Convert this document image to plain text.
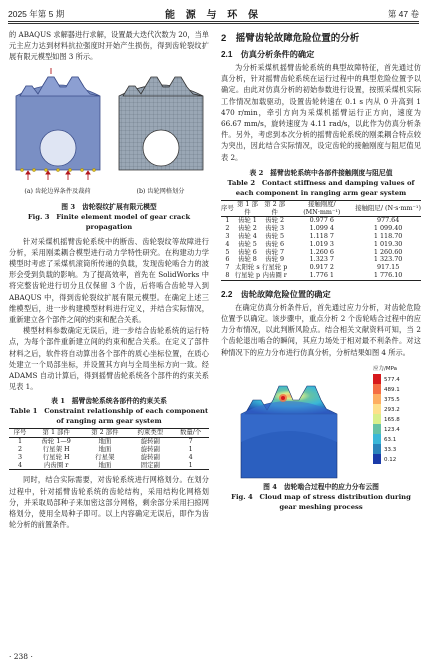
2025 年第 5 期	能 源 与 环 保	第 47 卷

的 ABAQUS 求解器进行求解，设置最大迭代次数为 20，当单元主应力达到材料抗拉强度时开始产生损伤，得到齿轮裂纹扩展有限元模型如图 3 所示。

(a) 齿轮边界条件及裁荷	(b) 齿轮网格划分

图 3　齿轮裂纹扩展有限元模型

Fig. 3　Finite element model of gear crack propagation

针对采煤机摇臂齿轮系统中的断齿、齿轮裂纹等故障进行分析，采用刚柔耦合模型进行动力学特性研究。在构建动力学模型时考虑了采煤机滚筒所传递的负载，发现齿轮啮合力的波形会受到负载的影响。为了提高效率，首先在 SolidWorks 中将完整齿轮进行切分且仅保留 3 个齿，后将啮合齿轮导入到 ABAQUS 中，得到齿轮裂纹扩展有限元模型。在确定上述三维模型后，进一步构建模型材料进行定义，并结合实际情况，重新建立各个部件之间的约束和配合关系。

模型材料参数确定无误后，进一步结合齿轮系统的运行特点，为每个部件重新建立间的约束和配合关系。在定义了部件材料之后，软件将自动算出各个部件的质心坐标位置，在质心处建立一个局部坐标，并设置其方向与全局坐标方向一致。经 ADAMS 自动计算后，得到摇臂齿轮系统各个部件的约束关系见表 1。

表 1　摇臂齿轮系统各部件的约束关系

Table 1　Constraint relationship of each component of ranging arm gear system

序号	第 1 部件	第 2 部件	约束类型	数量/个
1	齿轮 1—9	地面	旋转副	7
2	行星架 H	地面	旋转副	1
3	行星轮 H	行星架	旋转副	4
4	内齿圈 r	地面	固定副	1

同时，结合实际需要，对齿轮系统进行网格划分。在划分过程中，针对摇臂齿轮系统的齿轮结构，采用结构化网格划分，并采取局部种子来加密这部分网格，剩余部分采用扫掠网格划分，使用全局种子即可。以上内容确定无误后，即作为齿轮分析的前置条件。

· 238 ·

2　摇臂齿轮故障危险位置的分析

2.1　仿真分析条件的确定

为分析采煤机摇臂齿轮系统的典型故障特征，首先通过仿真分析，针对摇臂齿轮系统在运行过程中的典型危险位置予以确定。由此对仿真分析的初始参数进行设置，按照采煤机实际工作情况加载驱动，设置齿轮转速在 0.1 s 内从 0 升高到 1 470 r/min，牵引方向为采煤机摇臂运行正方向，速度为 66.67 mm/s，旋转速度为 4.11 rad/s，以此作为仿真分析条件。另外，考虑到本次分析的摇臂齿轮系统的刚柔耦合特点较为突出，因此结合实际情况，设定齿轮的接触刚度与阻尼值见表 2。

表 2　摇臂齿轮系统中各部件接触刚度与阻尼值

Table 2　Contact stiffness and damping values of

each component in ranging arm gear system

序号	第 1 部件	第 2 部件	接触刚度/ (MN·mm⁻¹)	接触阻尼/ (N·s·mm⁻¹)
1	齿轮 1	齿轮 2	0.977 6	977.64
2	齿轮 2	齿轮 3	1.099 4	1 099.40
3	齿轮 4	齿轮 5	1.118 7	1 118.70
4	齿轮 5	齿轮 6	1.019 3	1 019.30
5	齿轮 6	齿轮 7	1.260 6	1 260.60
6	齿轮 8	齿轮 9	1.323 7	1 323.70
7	太阳轮 s	行星轮 p	0.917 2	917.15
8	行星轮 p	内齿圈 r	1.776 1	1 776.10

2.2　齿轮故障危险位置的确定

在确定仿真分析条件后，首先通过应力分析，对齿轮危险位置予以确定。该步骤中，重点分析 2 个齿轮啮合过程中的应力分布情况，以此判断风险点。结合相关文献资料可知，当 2 个齿轮退出啮合的瞬间，其应力场处于相对最不利条件。对这种情况下的应力分布进行仿真分析，分析结果如图 4 所示。

应力/MPa
577.4
489.1
375.5
293.2
165.8
123.4
63.1
33.3
0.12

图 4　齿轮啮合过程中的应力分布云图

Fig. 4　Cloud map of stress distribution during

gear meshing process
